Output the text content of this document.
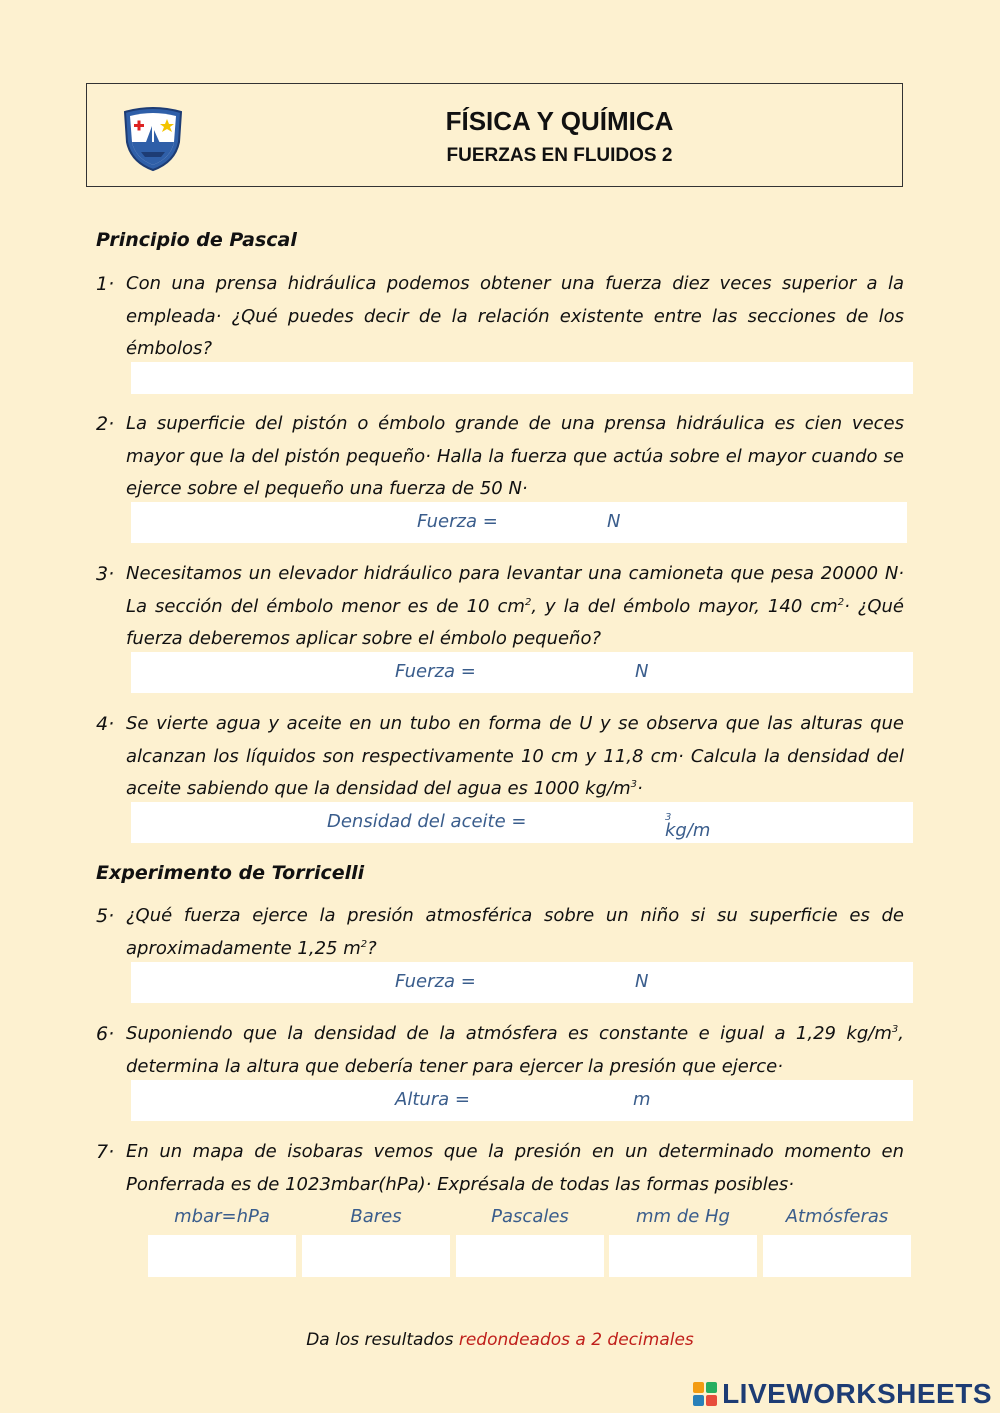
FÍSICA Y QUÍMICA
FUERZAS EN FLUIDOS 2
Principio de Pascal
1· Con una prensa hidráulica podemos obtener una fuerza diez veces superior a la empleada· ¿Qué puedes decir de la relación existente entre las secciones de los émbolos?
2· La superficie del pistón o émbolo grande de una prensa hidráulica es cien veces mayor que la del pistón pequeño· Halla la fuerza que actúa sobre el mayor cuando se ejerce sobre el pequeño una fuerza de 50 N·
Fuerza =	N
3· Necesitamos un elevador hidráulico para levantar una camioneta que pesa 20000 N· La sección del émbolo menor es de 10 $cm^2$, y la del émbolo mayor, 140 $cm^2\cdot$ ¿Qué fuerza deberemos aplicar sobre el émbolo pequeño?
Fuerza =	N
4· Se vierte agua y aceite en un tubo en forma de U y se observa que las alturas que alcanzan los líquidos son respectivamente 10 cm y 11,8 cm· Calcula la densidad del aceite sabiendo que la densidad del agua es 1000 $kg/m^3\cdot$
Densidad del aceite =	kg/m
$^3$
Experimento de Torricelli
5· ¿Qué fuerza ejerce la presión atmosférica sobre un niño si su superficie es de aproximadamente 1,25 $m^2$?
Fuerza =	N
6· Suponiendo que la densidad de la atmósfera es constante e igual a 1,29 $kg/m^3$, determina la altura que debería tener para ejercer la presión que ejerce·
Altura =	m
7· En un mapa de isobaras vemos que la presión en un determinado momento en Ponferrada es de 1023mbar(hPa)· Exprésala de todas las formas posibles·
mbar=hPa	Bares	Pascales	mm de Hg	Atmósferas
Da los resultados redondeados a 2 decimales
LIVEWORKSHEETS
